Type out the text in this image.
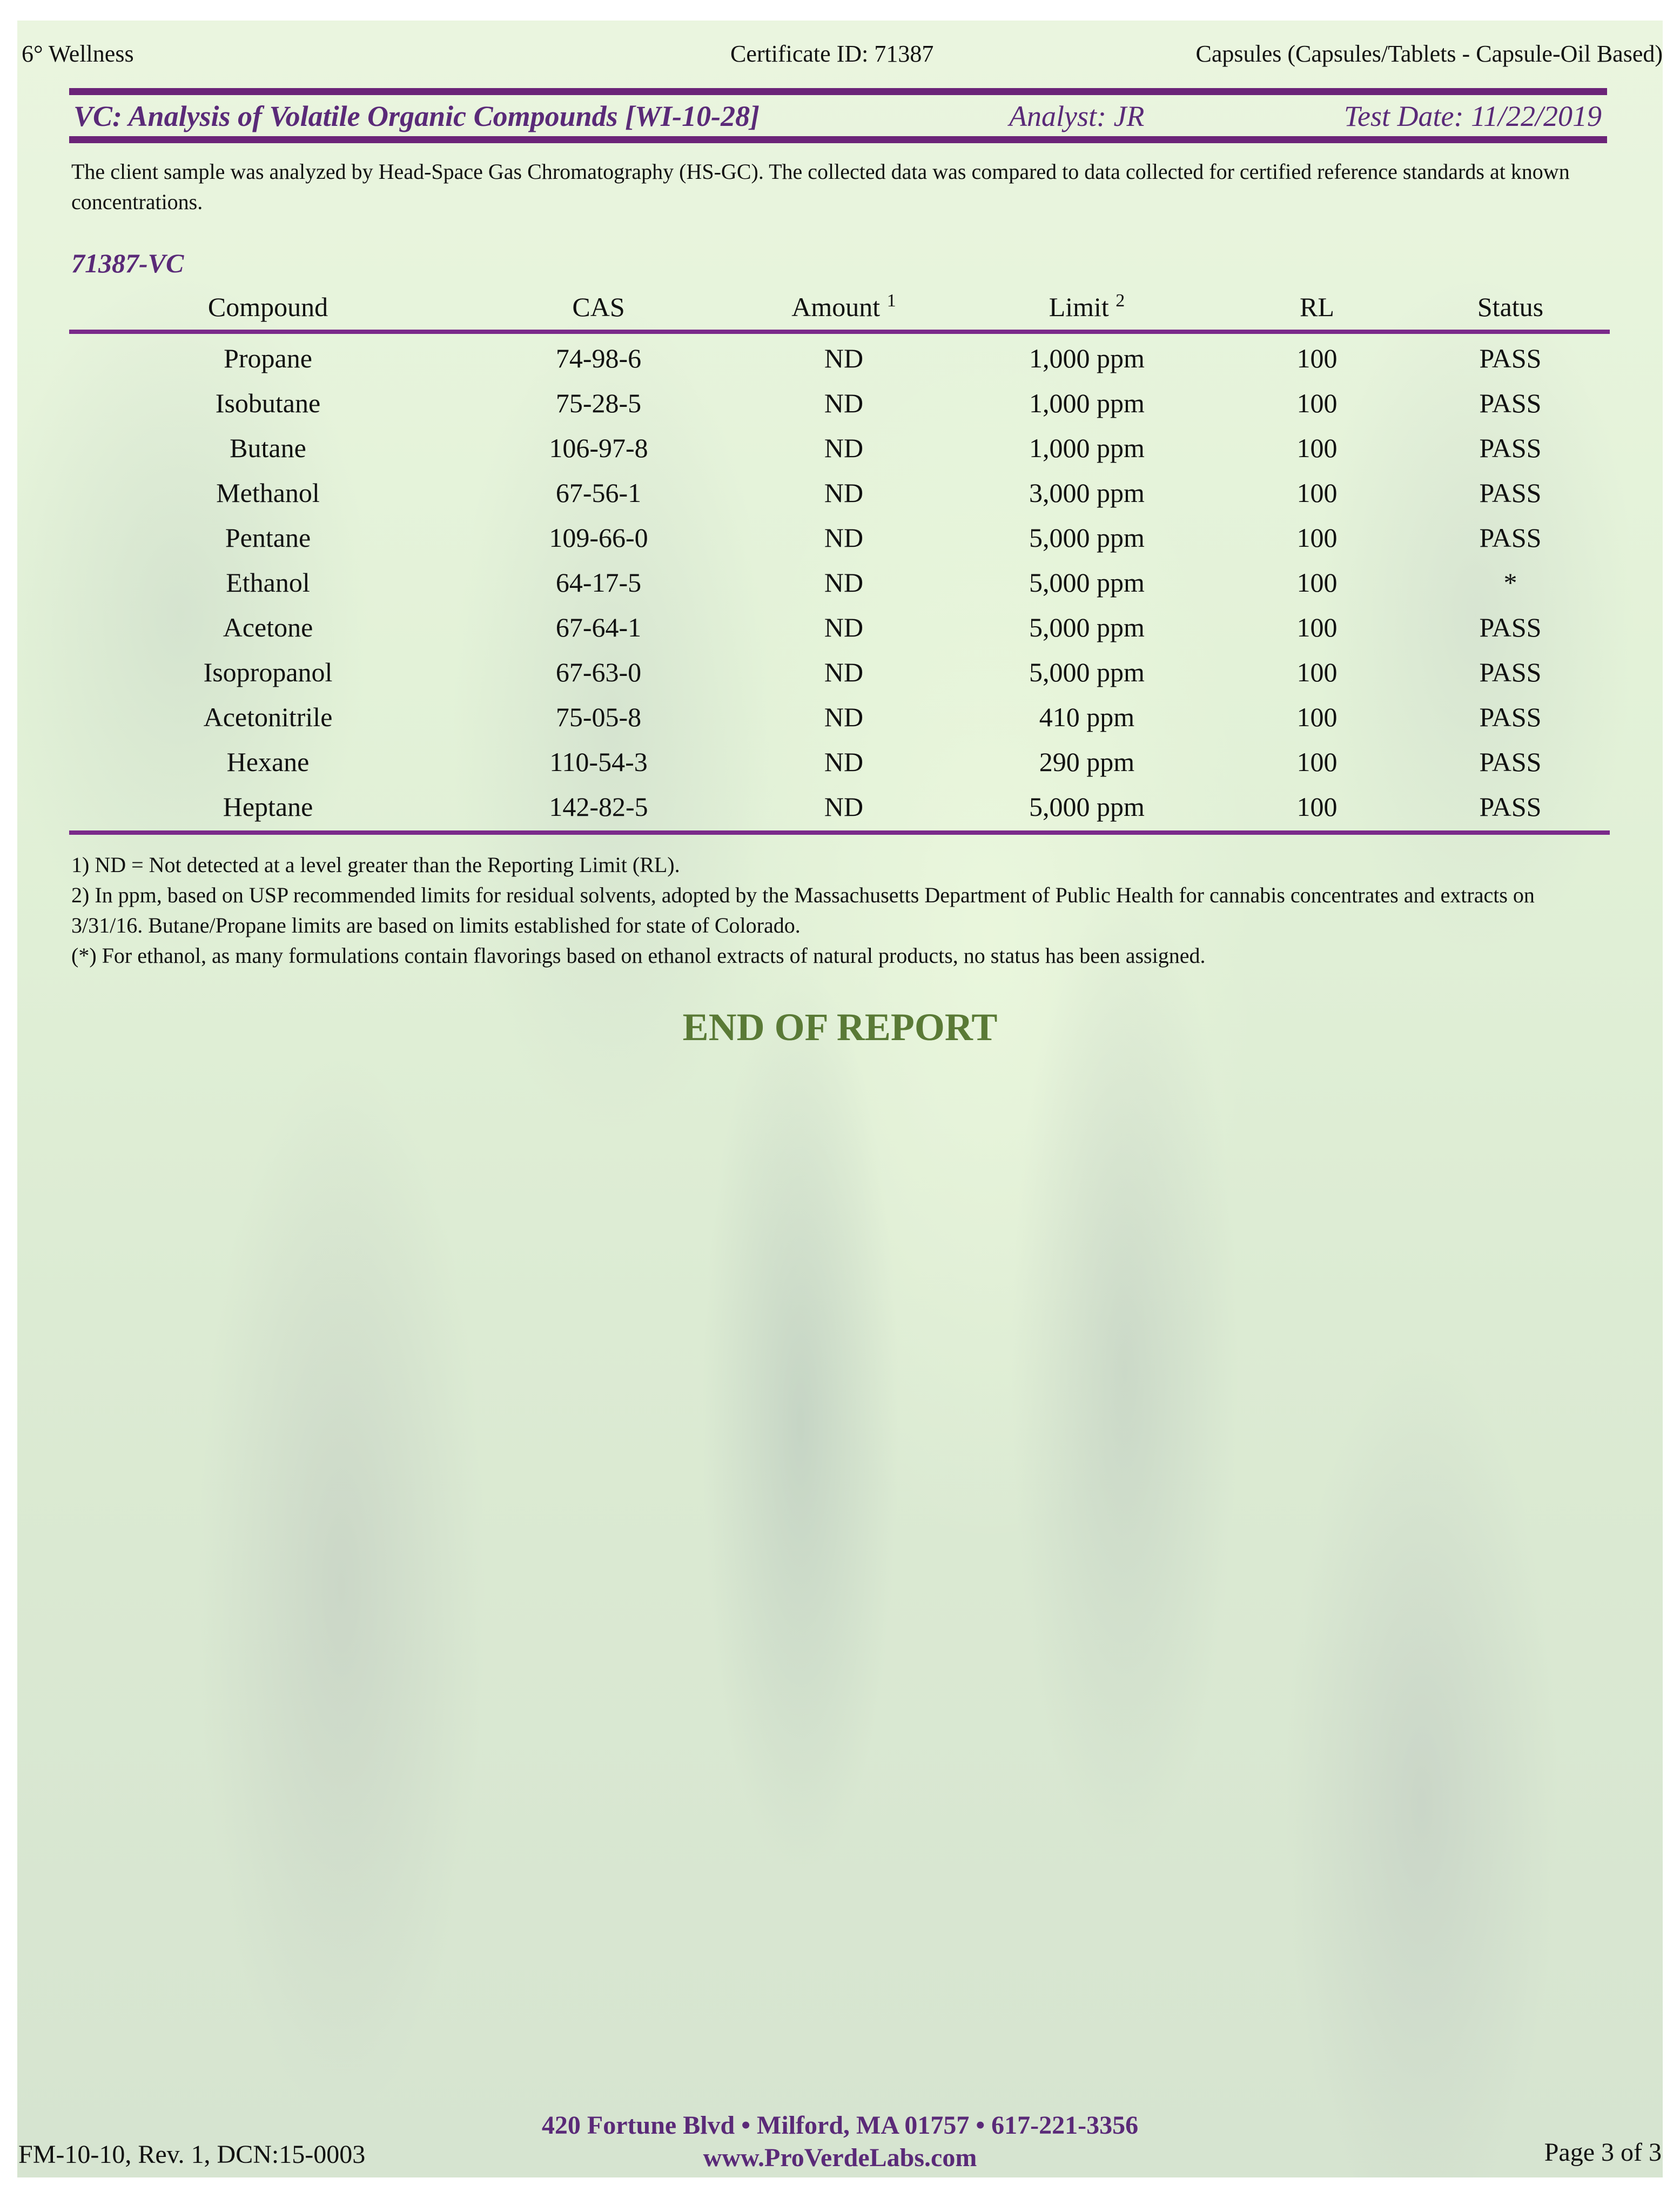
6° Wellness	Certificate ID: 71387	Capsules (Capsules/Tablets - Capsule-Oil Based)
VC: Analysis of Volatile Organic Compounds [WI-10-28]	Analyst: JR	Test Date: 11/22/2019
The client sample was analyzed by Head-Space Gas Chromatography (HS-GC). The collected data was compared to data collected for certified reference standards at known concentrations.
71387-VC
Compound	CAS	Amount $^1$	Limit $^2$	RL	Status
Propane	74-98-6	ND	1,000 ppm	100	PASS
Isobutane	75-28-5	ND	1,000 ppm	100	PASS
Butane	106-97-8	ND	1,000 ppm	100	PASS
Methanol	67-56-1	ND	3,000 ppm	100	PASS
Pentane	109-66-0	ND	5,000 ppm	100	PASS
Ethanol	64-17-5	ND	5,000 ppm	100	*
Acetone	67-64-1	ND	5,000 ppm	100	PASS
Isopropanol	67-63-0	ND	5,000 ppm	100	PASS
Acetonitrile	75-05-8	ND	410 ppm	100	PASS
Hexane	110-54-3	ND	290 ppm	100	PASS
Heptane	142-82-5	ND	5,000 ppm	100	PASS
1) ND = Not detected at a level greater than the Reporting Limit (RL).
2) In ppm, based on USP recommended limits for residual solvents, adopted by the Massachusetts Department of Public Health for cannabis concentrates and extracts on 3/31/16. Butane/Propane limits are based on limits established for state of Colorado.
(*) For ethanol, as many formulations contain flavorings based on ethanol extracts of natural products, no status has been assigned.
END OF REPORT
420 Fortune Blvd • Milford, MA 01757 • 617-221-3356
www.ProVerdeLabs.com
FM-10-10, Rev. 1, DCN:15-0003	Page 3 of 3
